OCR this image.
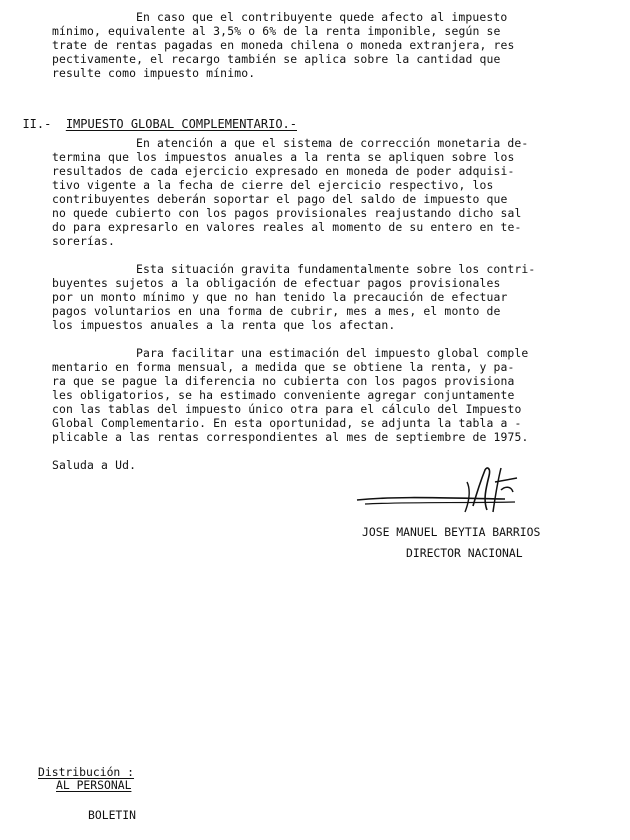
En caso que el contribuyente quede afecto al impuesto
mínimo, equivalente al 3,5% o 6% de la renta imponible, según se
trate de rentas pagadas en moneda chilena o moneda extranjera, res
pectivamente, el recargo también se aplica sobre la cantidad que
resulte como impuesto mínimo.

II.- IMPUESTO GLOBAL COMPLEMENTARIO.-

En atención a que el sistema de corrección monetaria de-
termina que los impuestos anuales a la renta se apliquen sobre los
resultados de cada ejercicio expresado en moneda de poder adquisi-
tivo vigente a la fecha de cierre del ejercicio respectivo, los
contribuyentes deberán soportar el pago del saldo de impuesto que
no quede cubierto con los pagos provisionales reajustando dicho sal
do para expresarlo en valores reales al momento de su entero en te-
sorerías.
Esta situación gravita fundamentalmente sobre los contri-
buyentes sujetos a la obligación de efectuar pagos provisionales
por un monto mínimo y que no han tenido la precaución de efectuar
pagos voluntarios en una forma de cubrir, mes a mes, el monto de
los impuestos anuales a la renta que los afectan.
Para facilitar una estimación del impuesto global comple
mentario en forma mensual, a medida que se obtiene la renta, y pa-
ra que se pague la diferencia no cubierta con los pagos provisiona
les obligatorios, se ha estimado conveniente agregar conjuntamente
con las tablas del impuesto único otra para el cálculo del Impuesto
Global Complementario. En esta oportunidad, se adjunta la tabla a -
plicable a las rentas correspondientes al mes de septiembre de 1975.
Saluda a Ud.
JOSE MANUEL BEYTIA BARRIOS
DIRECTOR NACIONAL
Distribución :
AL PERSONAL
BOLETIN
